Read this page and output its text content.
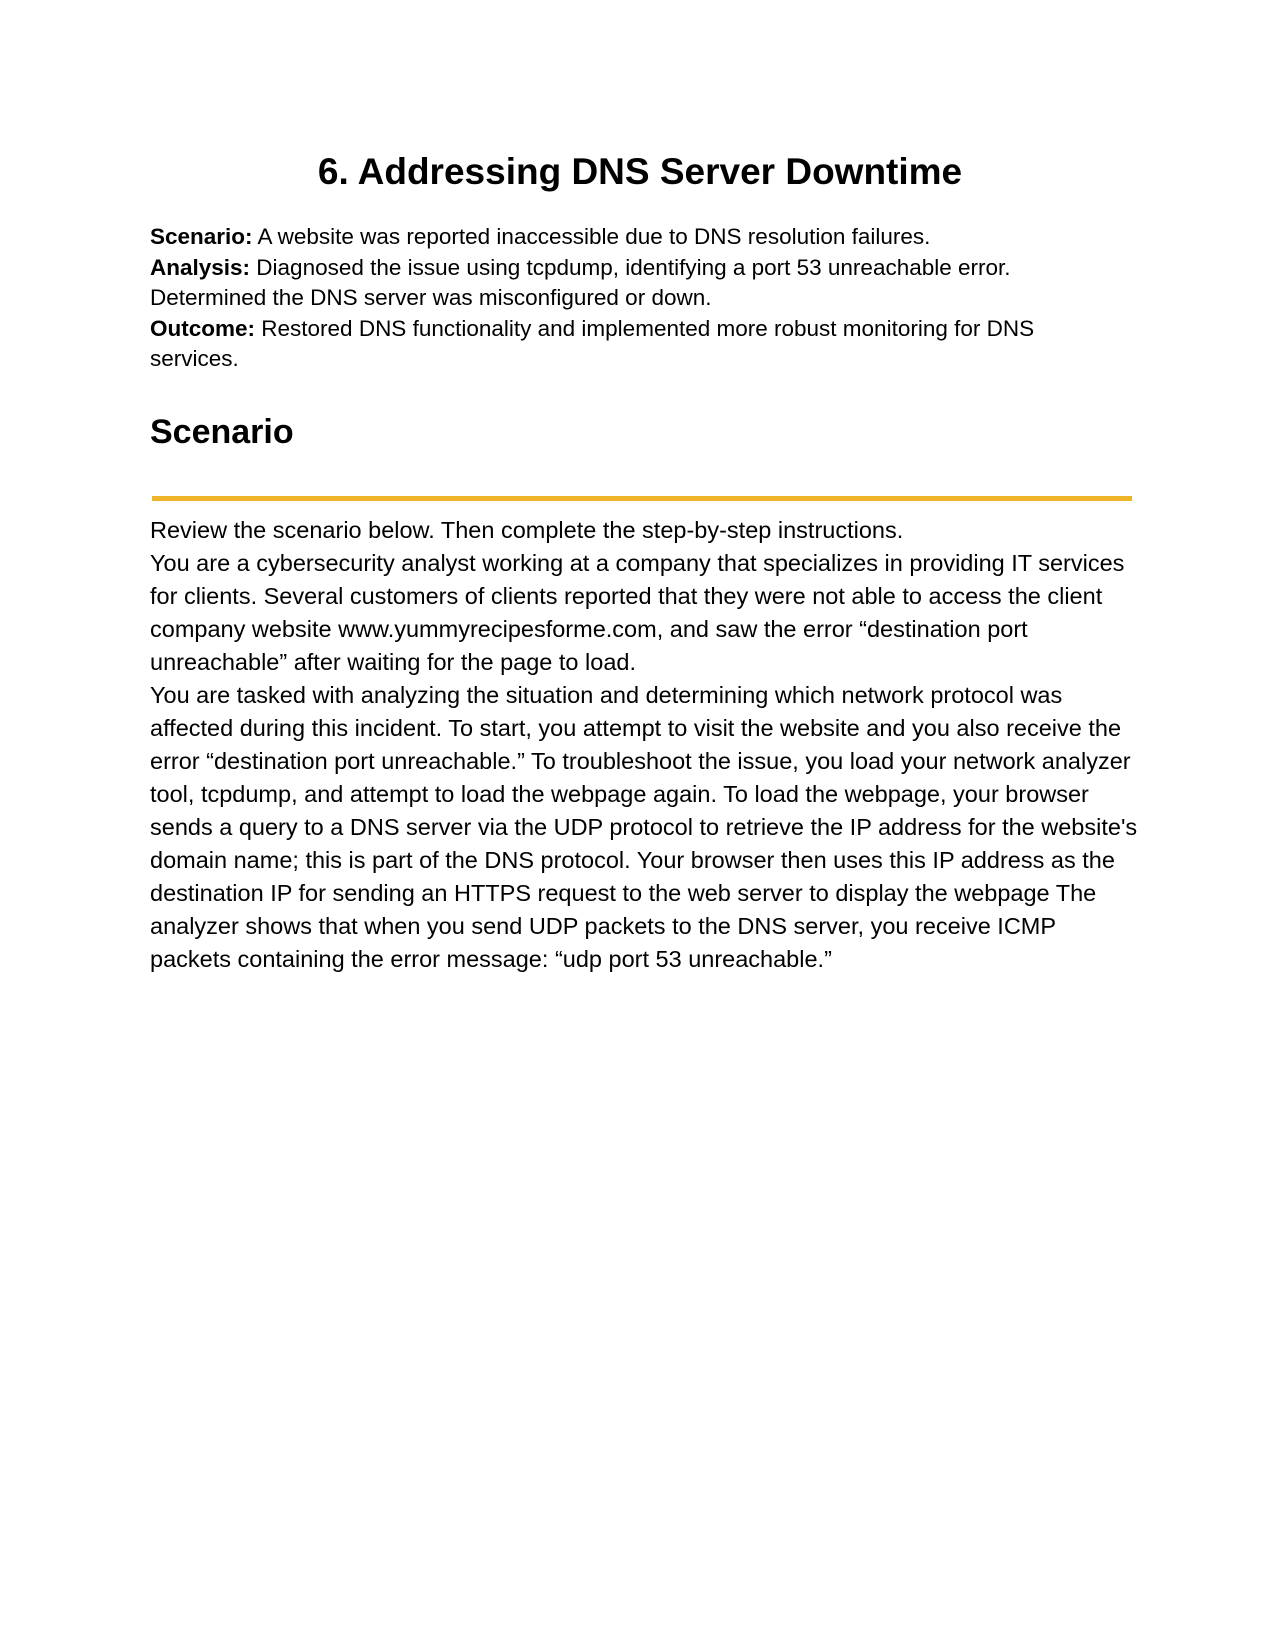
6. Addressing DNS Server Downtime

Scenario: A website was reported inaccessible due to DNS resolution failures.

Analysis: Diagnosed the issue using tcpdump, identifying a port 53 unreachable error. Determined the DNS server was misconfigured or down.

Outcome: Restored DNS functionality and implemented more robust monitoring for DNS services.

Scenario

Review the scenario below. Then complete the step-by-step instructions.

You are a cybersecurity analyst working at a company that specializes in providing IT services for clients. Several customers of clients reported that they were not able to access the client company website www.yummyrecipesforme.com, and saw the error “destination port unreachable” after waiting for the page to load.

You are tasked with analyzing the situation and determining which network protocol was affected during this incident. To start, you attempt to visit the website and you also receive the error “destination port unreachable.” To troubleshoot the issue, you load your network analyzer tool, tcpdump, and attempt to load the webpage again. To load the webpage, your browser sends a query to a DNS server via the UDP protocol to retrieve the IP address for the website's domain name; this is part of the DNS protocol. Your browser then uses this IP address as the destination IP for sending an HTTPS request to the web server to display the webpage The analyzer shows that when you send UDP packets to the DNS server, you receive ICMP packets containing the error message: “udp port 53 unreachable.”
